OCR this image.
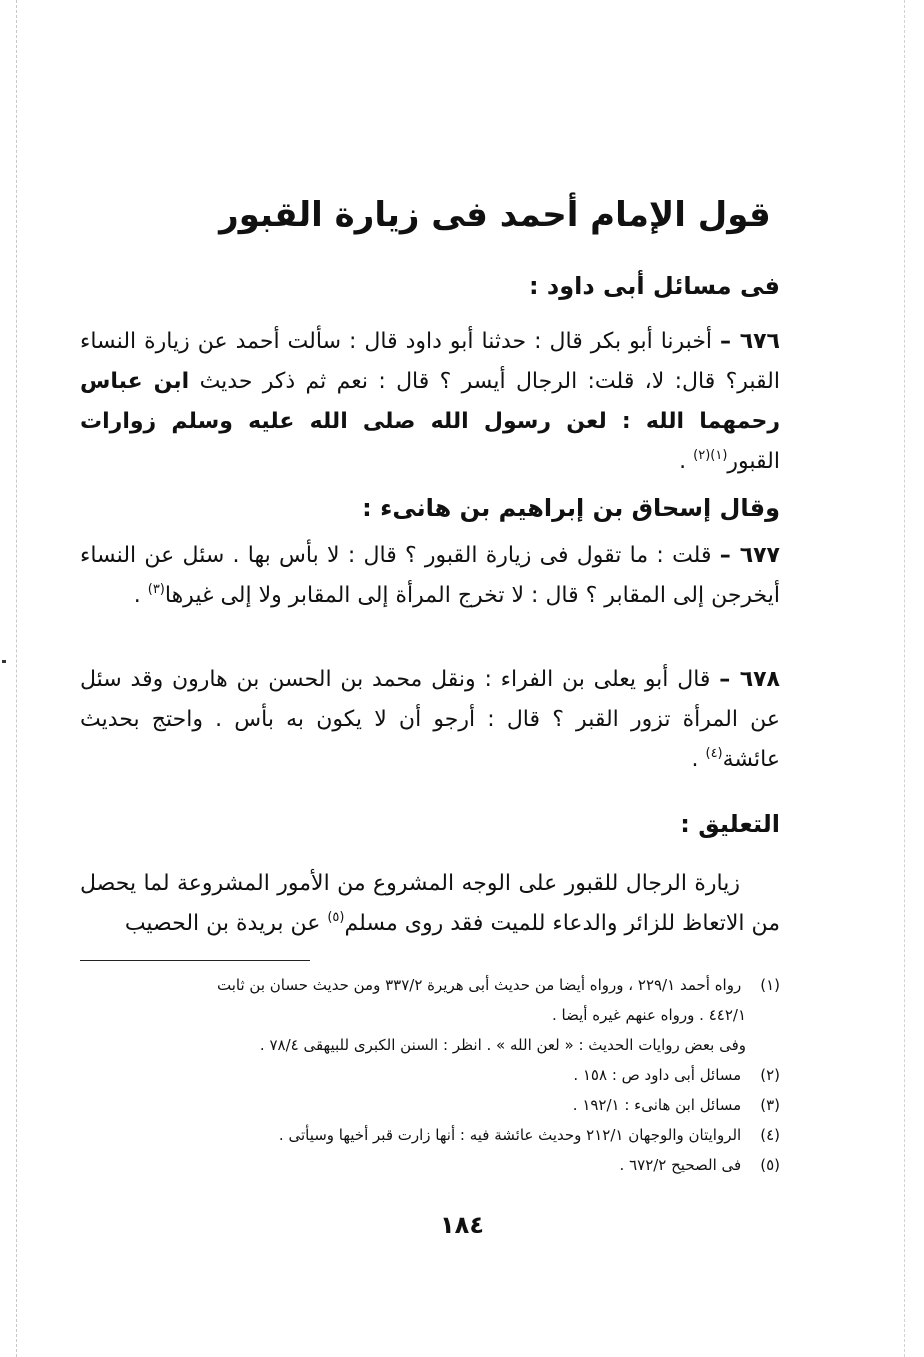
قول الإمام أحمد فى زيارة القبور
فى مسائل أبى داود :
٦٧٦ – أخبرنا أبو بكر قال : حدثنا أبو داود قال : سألت أحمد عن زيارة النساء القبر؟ قال: لا، قلت: الرجال أيسر ؟ قال : نعم ثم ذكر حديث ابن عباس رحمهما الله : لعن رسول الله صلى الله عليه وسلم زوارات القبور$^{(١)(٢)}$ .
وقال إسحاق بن إبراهيم بن هانىء :
٦٧٧ – قلت : ما تقول فى زيارة القبور ؟ قال : لا بأس بها . سئل عن النساء أيخرجن إلى المقابر ؟ قال : لا تخرج المرأة إلى المقابر ولا إلى غيرها$^{(٣)}$ .
٦٧٨ – قال أبو يعلى بن الفراء : ونقل محمد بن الحسن بن هارون وقد سئل عن المرأة تزور القبر ؟ قال : أرجو أن لا يكون به بأس . واحتج بحديث عائشة$^{(٤)}$ .
التعليق :
زيارة الرجال للقبور على الوجه المشروع من الأمور المشروعة لما يحصل من الاتعاظ للزائر والدعاء للميت فقد روى مسلم$^{(٥)}$ عن بريدة بن الحصيب
(١) رواه أحمد ٢٢٩/١ ، ورواه أيضا من حديث أبى هريرة ٣٣٧/٢ ومن حديث حسان بن ثابت
٤٤٢/١ . ورواه عنهم غيره أيضا .
وفى بعض روايات الحديث : « لعن الله » . انظر : السنن الكبرى للبيهقى ٧٨/٤ .
(٢) مسائل أبى داود ص : ١٥٨ .
(٣) مسائل ابن هانىء : ١٩٢/١ .
(٤) الروايتان والوجهان ٢١٢/١ وحديث عائشة فيه : أنها زارت قبر أخيها وسيأتى .
(٥) فى الصحيح ٦٧٢/٢ .
١٨٤
